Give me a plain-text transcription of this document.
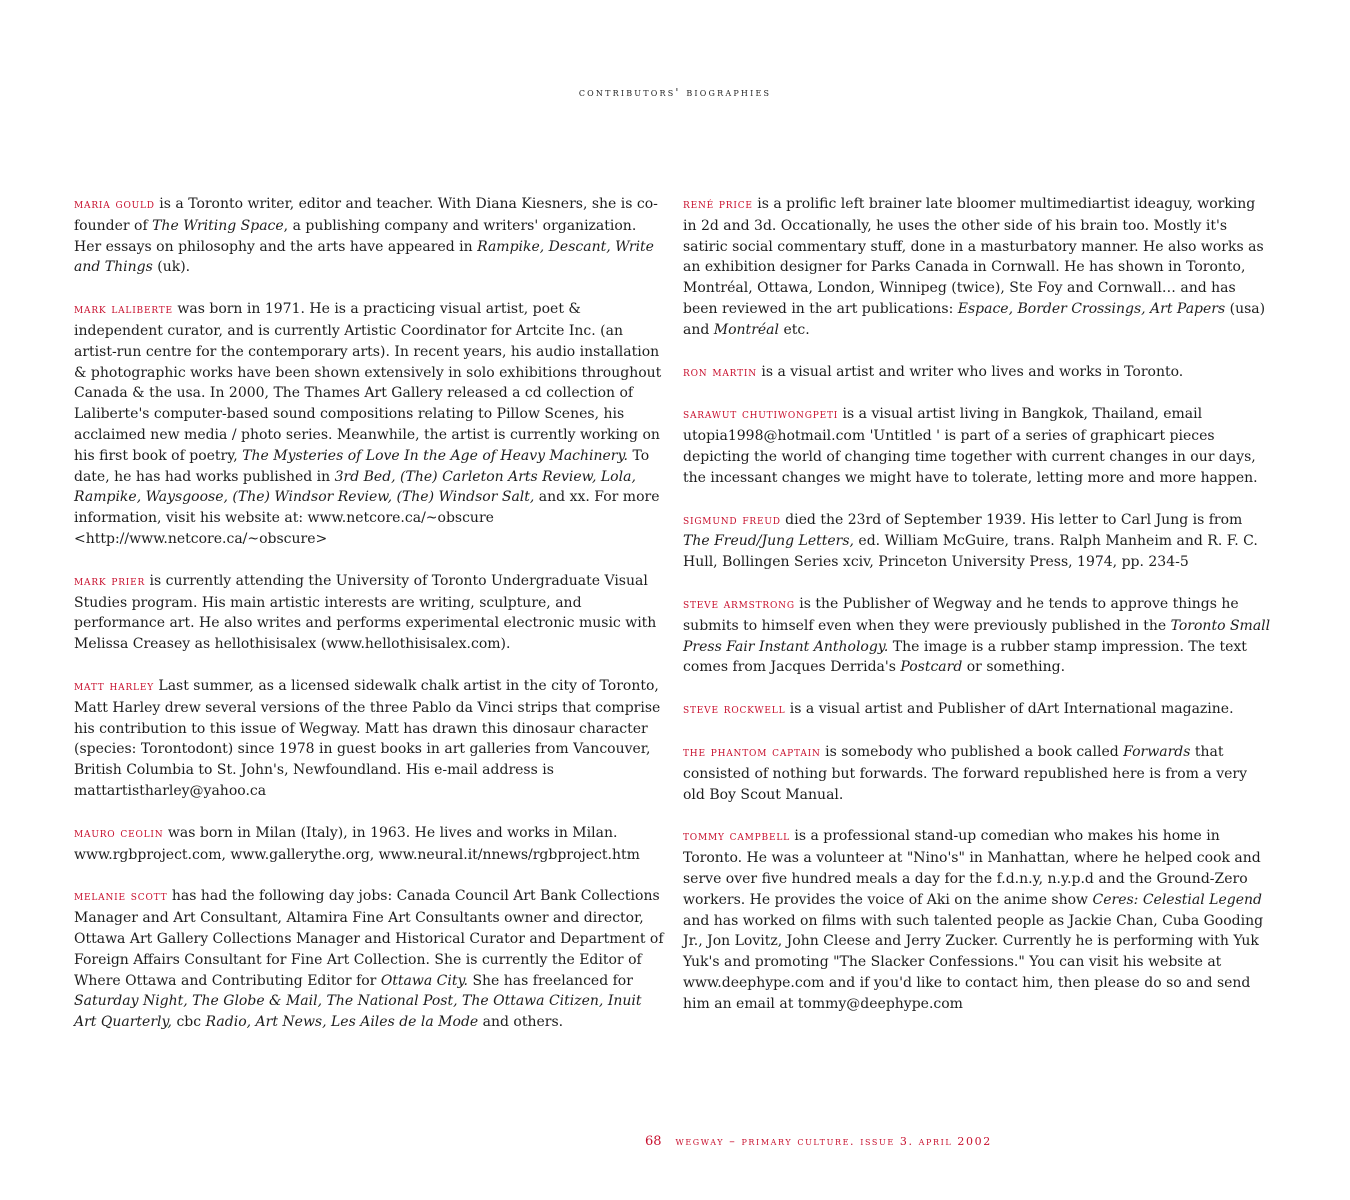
contributors' biographies

maria gould is a Toronto writer, editor and teacher. With Diana Kiesners, she is co-founder of The Writing Space, a publishing company and writers' organization. Her essays on philosophy and the arts have appeared in Rampike, Descant, Write and Things (uk).

mark laliberte was born in 1971. He is a practicing visual artist, poet & independent curator, and is currently Artistic Coordinator for Artcite Inc. (an artist-run centre for the contemporary arts). In recent years, his audio installation & photographic works have been shown extensively in solo exhibitions throughout Canada & the usa. In 2000, The Thames Art Gallery released a cd collection of Laliberte's computer-based sound compositions relating to Pillow Scenes, his acclaimed new media / photo series. Meanwhile, the artist is currently working on his first book of poetry, The Mysteries of Love In the Age of Heavy Machinery. To date, he has had works published in 3rd Bed, (The) Carleton Arts Review, Lola, Rampike, Waysgoose, (The) Windsor Review, (The) Windsor Salt, and xx. For more information, visit his website at: www.netcore.ca/~obscure <http://www.netcore.ca/~obscure>

mark prier is currently attending the University of Toronto Undergraduate Visual Studies program. His main artistic interests are writing, sculpture, and performance art. He also writes and performs experimental electronic music with Melissa Creasey as hellothisisalex (www.hellothisisalex.com).

matt harley Last summer, as a licensed sidewalk chalk artist in the city of Toronto, Matt Harley drew several versions of the three Pablo da Vinci strips that comprise his contribution to this issue of Wegway. Matt has drawn this dinosaur character (species: Torontodont) since 1978 in guest books in art galleries from Vancouver, British Columbia to St. John's, Newfoundland. His e-mail address is mattartistharley@yahoo.ca

mauro ceolin was born in Milan (Italy), in 1963. He lives and works in Milan. www.rgbproject.com, www.gallerythe.org, www.neural.it/nnews/rgbproject.htm

melanie scott has had the following day jobs: Canada Council Art Bank Collections Manager and Art Consultant, Altamira Fine Art Consultants owner and director, Ottawa Art Gallery Collections Manager and Historical Curator and Department of Foreign Affairs Consultant for Fine Art Collection. She is currently the Editor of Where Ottawa and Contributing Editor for Ottawa City. She has freelanced for Saturday Night, The Globe & Mail, The National Post, The Ottawa Citizen, Inuit Art Quarterly, cbc Radio, Art News, Les Ailes de la Mode and others.

rené price is a prolific left brainer late bloomer multimediartist ideaguy, working in 2d and 3d. Occationally, he uses the other side of his brain too. Mostly it's satiric social commentary stuff, done in a masturbatory manner. He also works as an exhibition designer for Parks Canada in Cornwall. He has shown in Toronto, Montréal, Ottawa, London, Winnipeg (twice), Ste Foy and Cornwall… and has been reviewed in the art publications: Espace, Border Crossings, Art Papers (usa) and Montréal etc.

ron martin is a visual artist and writer who lives and works in Toronto.

sarawut chutiwongpeti is a visual artist living in Bangkok, Thailand, email utopia1998@hotmail.com 'Untitled ' is part of a series of graphicart pieces depicting the world of changing time together with current changes in our days, the incessant changes we might have to tolerate, letting more and more happen.

sigmund freud died the 23rd of September 1939. His letter to Carl Jung is from The Freud/Jung Letters, ed. William McGuire, trans. Ralph Manheim and R. F. C. Hull, Bollingen Series xciv, Princeton University Press, 1974, pp. 234-5

steve armstrong is the Publisher of Wegway and he tends to approve things he submits to himself even when they were previously published in the Toronto Small Press Fair Instant Anthology. The image is a rubber stamp impression. The text comes from Jacques Derrida's Postcard or something.

steve rockwell is a visual artist and Publisher of dArt International magazine.

the phantom captain is somebody who published a book called Forwards that consisted of nothing but forwards. The forward republished here is from a very old Boy Scout Manual.

tommy campbell is a professional stand-up comedian who makes his home in Toronto. He was a volunteer at "Nino's" in Manhattan, where he helped cook and serve over five hundred meals a day for the f.d.n.y, n.y.p.d and the Ground-Zero workers. He provides the voice of Aki on the anime show Ceres: Celestial Legend and has worked on films with such talented people as Jackie Chan, Cuba Gooding Jr., Jon Lovitz, John Cleese and Jerry Zucker. Currently he is performing with Yuk Yuk's and promoting "The Slacker Confessions." You can visit his website at www.deephype.com and if you'd like to contact him, then please do so and send him an email at tommy@deephype.com

68 wegway – primary culture. issue 3. april 2002
